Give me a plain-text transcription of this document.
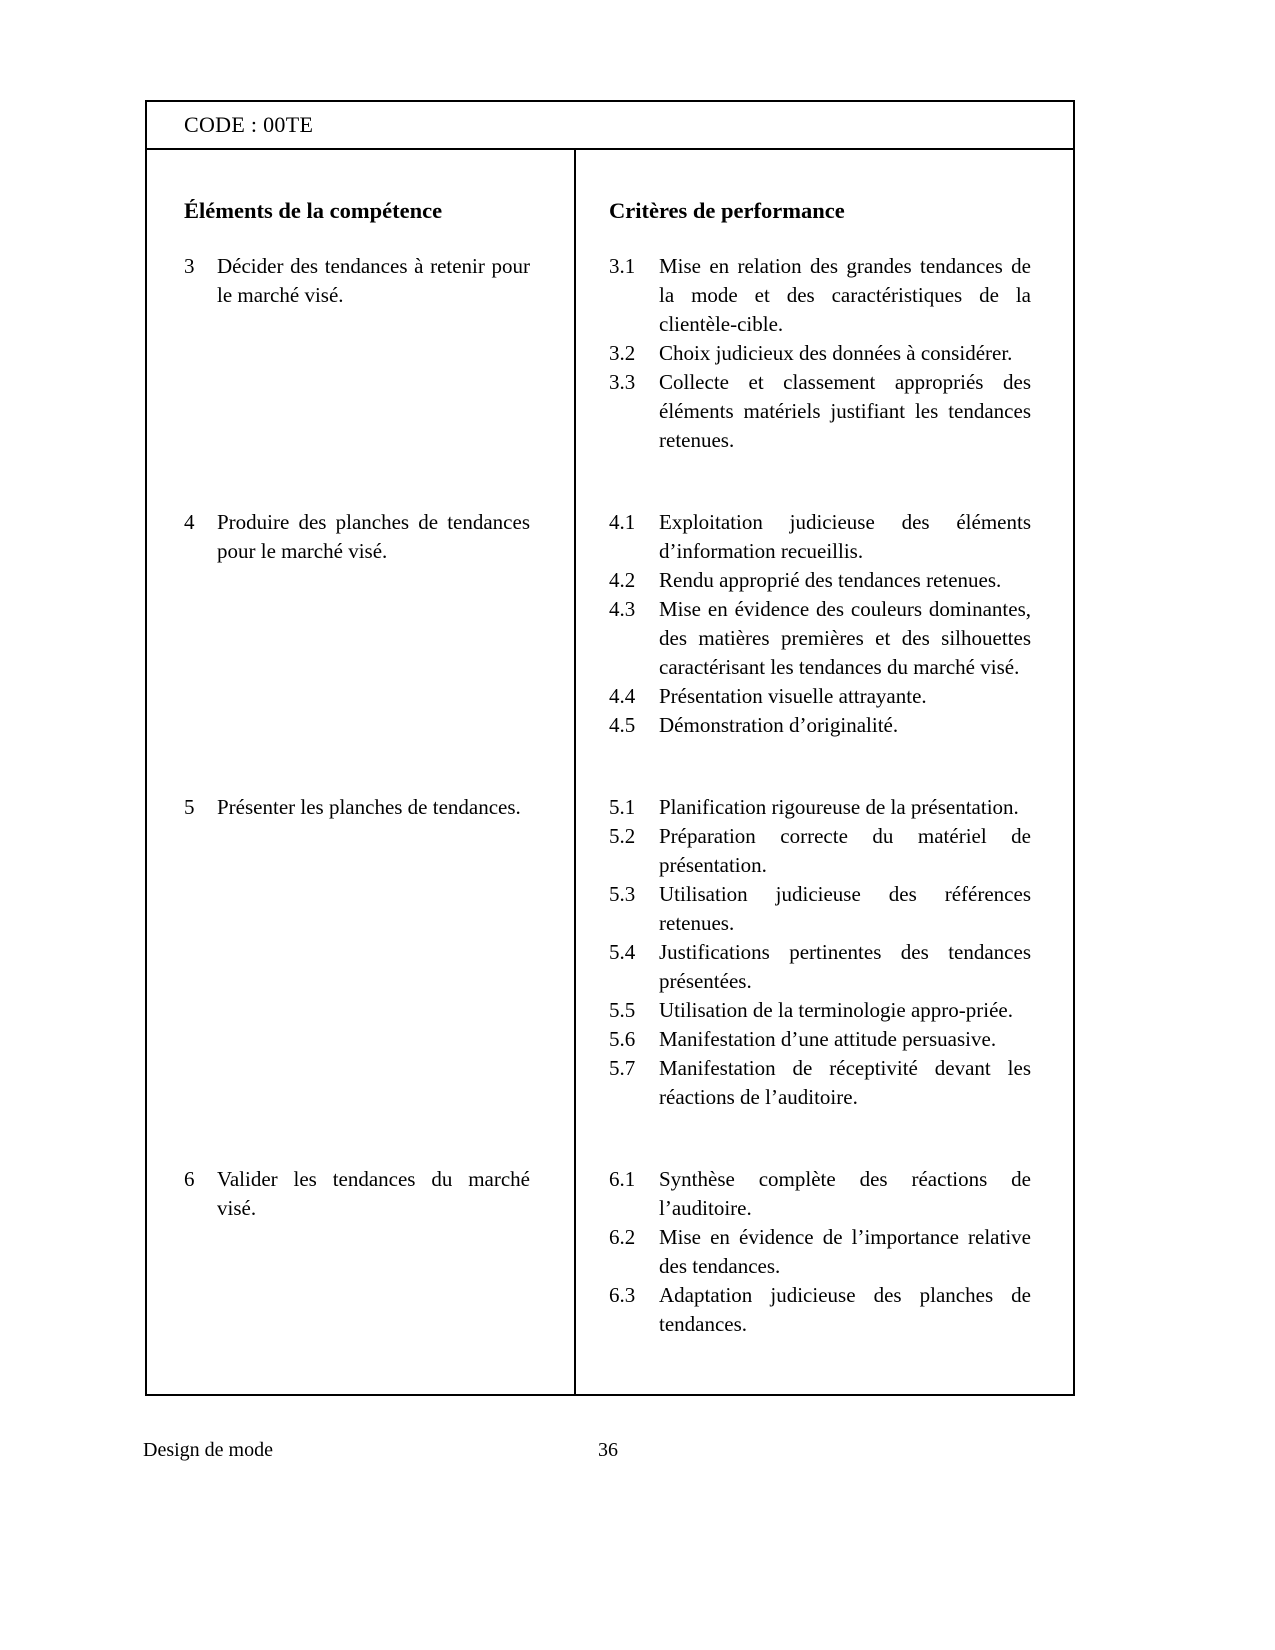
CODE : 00TE
Éléments de la compétence	Critères de performance
3	Décider des tendances à retenir pour le marché visé.
3.1	Mise en relation des grandes tendances de la mode et des caractéristiques de la clientèle-cible.
3.2	Choix judicieux des données à considérer.
3.3	Collecte et classement appropriés des éléments matériels justifiant les tendances retenues.
4	Produire des planches de tendances pour le marché visé.
4.1	Exploitation judicieuse des éléments d’information recueillis.
4.2	Rendu approprié des tendances retenues.
4.3	Mise en évidence des couleurs dominantes, des matières premières et des silhouettes caractérisant les tendances du marché visé.
4.4	Présentation visuelle attrayante.
4.5	Démonstration d’originalité.
5	Présenter les planches de tendances.	5.1	Planification rigoureuse de la présentation.
5.2	Préparation correcte du matériel de présentation.
5.3	Utilisation judicieuse des références retenues.
5.4	Justifications pertinentes des tendances présentées.
5.5	Utilisation de la terminologie appro-priée.
5.6	Manifestation d’une attitude persuasive.
5.7	Manifestation de réceptivité devant les réactions de l’auditoire.
6	Valider les tendances du marché visé.
6.1	Synthèse complète des réactions de l’auditoire.
6.2	Mise en évidence de l’importance relative des tendances.
6.3	Adaptation judicieuse des planches de tendances.
Design de mode	36
